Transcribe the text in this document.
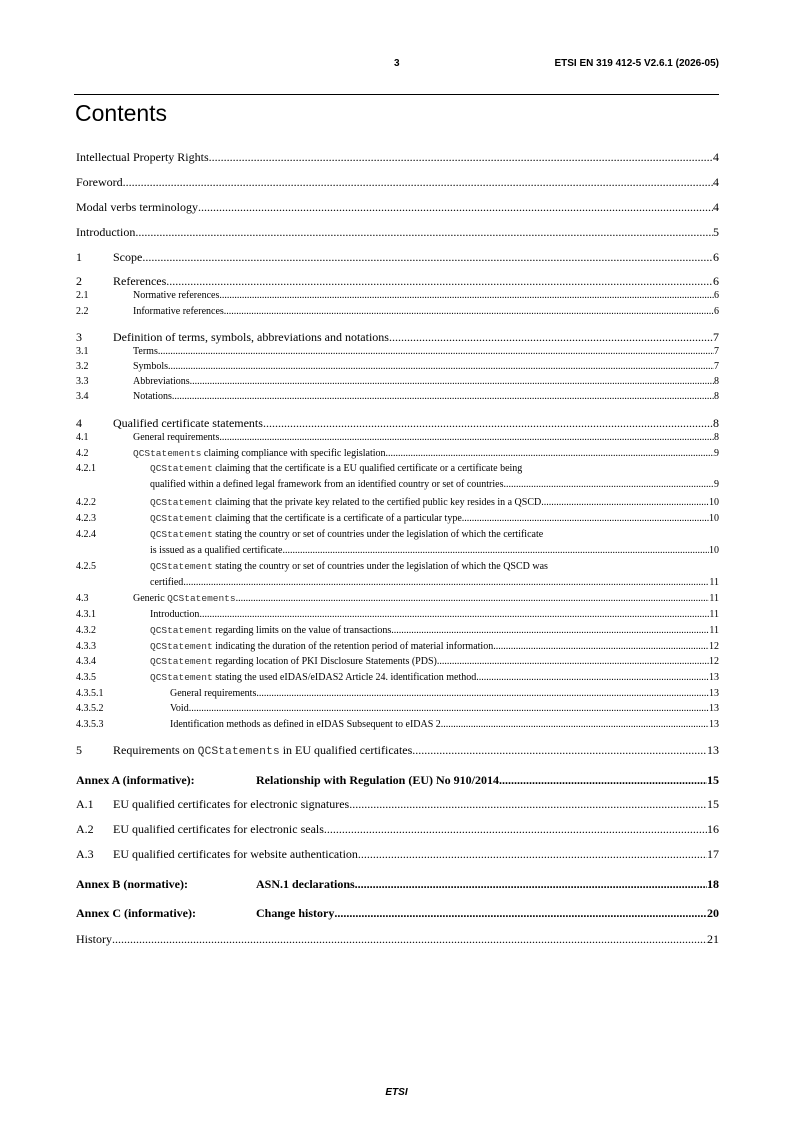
3	ETSI EN 319 412-5 V2.6.1 (2026-05)
Contents
Intellectual Property Rights .....	4
Foreword .....	4
Modal verbs terminology .....	4
Introduction .....	5
1	Scope .....	6
2	References .....	6
2.1	Normative references .....	6
2.2	Informative references .....	6
3	Definition of terms, symbols, abbreviations and notations .....	7
3.1	Terms .....	7
3.2	Symbols .....	7
3.3	Abbreviations .....	8
3.4	Notations .....	8
4	Qualified certificate statements .....	8
4.1	General requirements .....	8
4.2	QCStatements claiming compliance with specific legislation .....	9
4.2.1	QCStatement claiming that the certificate is a EU qualified certificate or a certificate being
qualified within a defined legal framework from an identified country or set of countries .....	9
4.2.2	QCStatement claiming that the private key related to the certified public key resides in a QSCD .....	10
4.2.3	QCStatement claiming that the certificate is a certificate of a particular type .....	10
4.2.4	QCStatement stating the country or set of countries under the legislation of which the certificate
is issued as a qualified certificate .....	10
4.2.5	QCStatement stating the country or set of countries under the legislation of which the QSCD was
certified .....	11
4.3	Generic QCStatements .....	11
4.3.1	Introduction .....	11
4.3.2	QCStatement regarding limits on the value of transactions .....	11
4.3.3	QCStatement indicating the duration of the retention period of material information .....	12
4.3.4	QCStatement regarding location of PKI Disclosure Statements (PDS) .....	12
4.3.5	QCStatement stating the used eIDAS/eIDAS2 Article 24. identification method .....	13
4.3.5.1	General requirements .....	13
4.3.5.2	Void .....	13
4.3.5.3	Identification methods as defined in eIDAS Subsequent to eIDAS 2 .....	13
5	Requirements on QCStatements in EU qualified certificates .....	13
Annex A (informative):	Relationship with Regulation (EU) No 910/2014 .....	15
A.1	EU qualified certificates for electronic signatures .....	15
A.2	EU qualified certificates for electronic seals .....	16
A.3	EU qualified certificates for website authentication .....	17
Annex B (normative):	ASN.1 declarations .....	18
Annex C (informative):	Change history .....	20
History .....	21
ETSI
